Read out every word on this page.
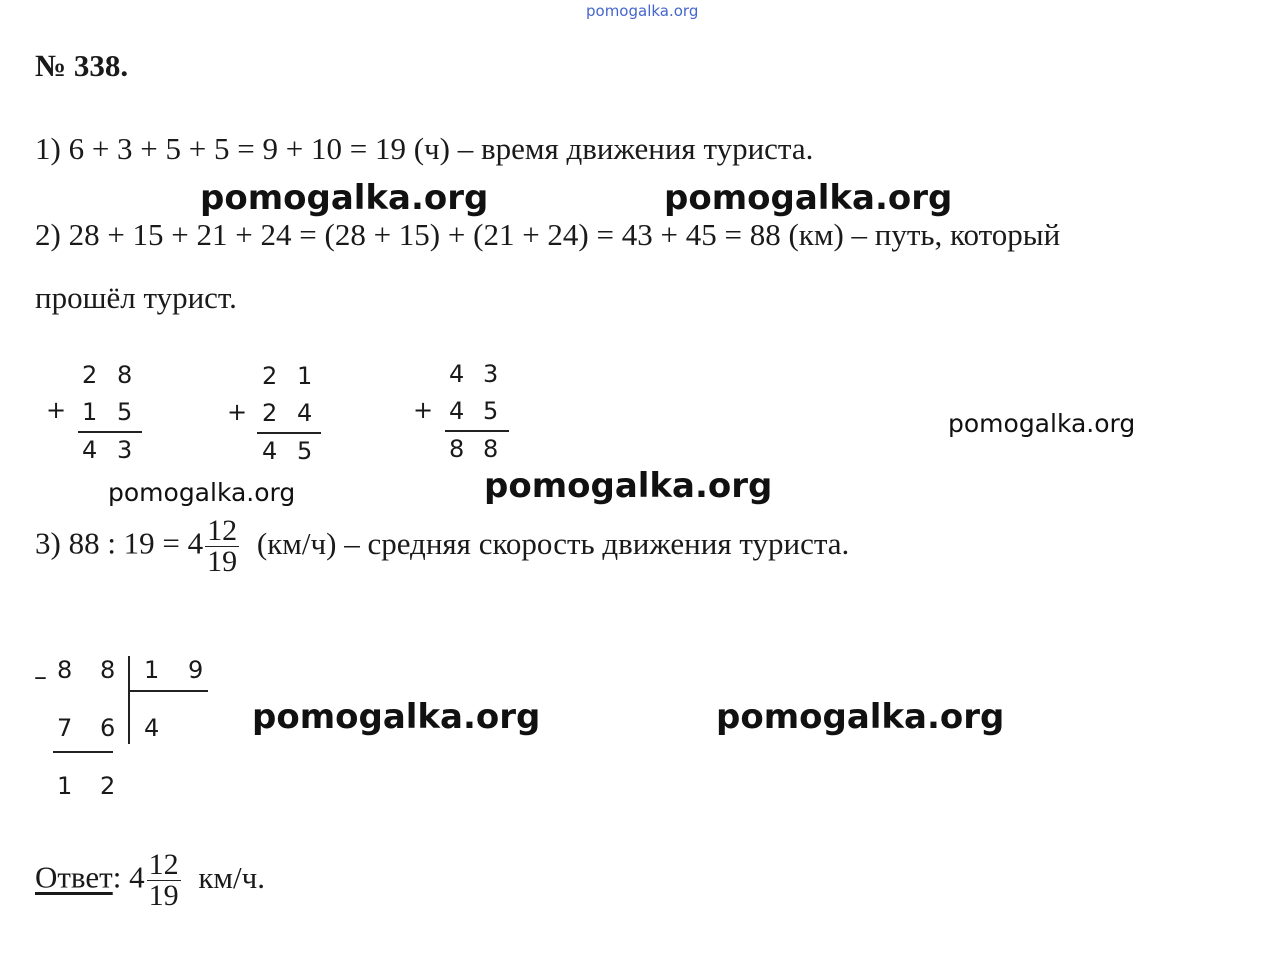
pomogalka.org
№ 338.
1) 6 + 3 + 5 + 5 = 9 + 10 = 19 (ч) – время движения туриста.
pomogalka.org	pomogalka.org
2) 28 + 15 + 21 + 24 = (28 + 15) + (21 + 24) = 43 + 45 = 88 (км) – путь, который
прошёл турист.
+
2 8
1 5
4 3
+
2 1
2 4
4 5
+
4 3
4 5
8 8
pomogalka.org
pomogalka.org	pomogalka.org
3) 88 : $19 = 4 \frac{12}{19} (км/ч)$ – средняя скорость движения туриста.
– 8 8 1 9
7 6 4
1 2
pomogalka.org	pomogalka.org
Ответ: $4 \frac{12}{19} км/ч$.
